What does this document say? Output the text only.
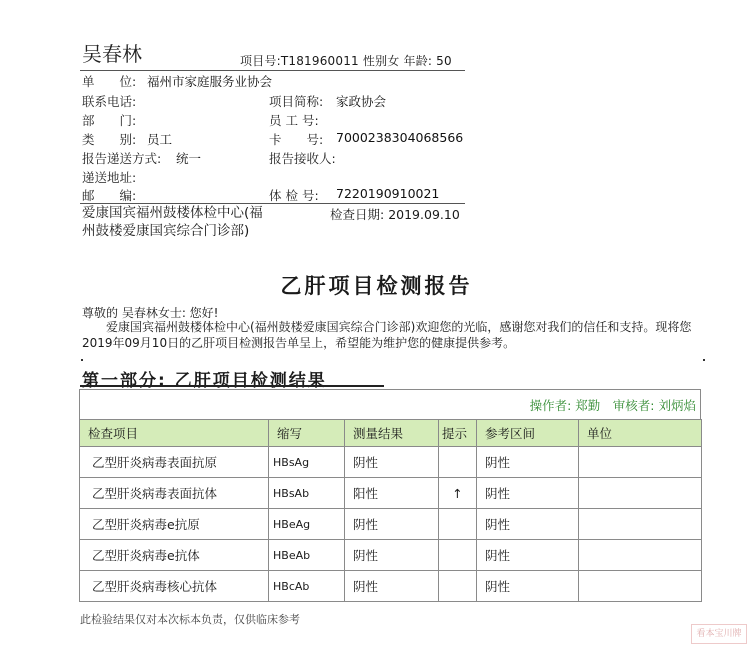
吴春林	项目号:T181960011 性别女 年龄: 50
单　　位: 福州市家庭服务业协会
联系电话:	项目简称: 家政协会
部　　门:	员 工 号:
类　　别: 员工	卡　　号: 7000238304068566
报告递送方式: 统一	报告接收人:
递送地址:
邮　　编:	体 检 号: 7220190910021
爱康国宾福州鼓楼体检中心(福州鼓楼爱康国宾综合门诊部)
检查日期: 2019.09.10
乙肝项目检测报告
尊敬的 吴春林女士: 您好!
爱康国宾福州鼓楼体检中心(福州鼓楼爱康国宾综合门诊部)欢迎您的光临，感谢您对我们的信任和支持。现将您2019年09月10日的乙肝项目检测报告单呈上，希望能为维护您的健康提供参考。
第一部分: 乙肝项目检测结果
操作者: 郑勤　审核者: 刘炳焰
检查项目	缩写	测量结果	提示	参考区间	单位
乙型肝炎病毒表面抗原	HBsAg	阴性		阴性	
乙型肝炎病毒表面抗体	HBsAb	阳性	↑	阴性	
乙型肝炎病毒e抗原	HBeAg	阴性		阴性	
乙型肝炎病毒e抗体	HBeAb	阴性		阴性	
乙型肝炎病毒核心抗体	HBcAb	阴性		阴性	
此检验结果仅对本次标本负责，仅供临床参考
看本宝川牌
